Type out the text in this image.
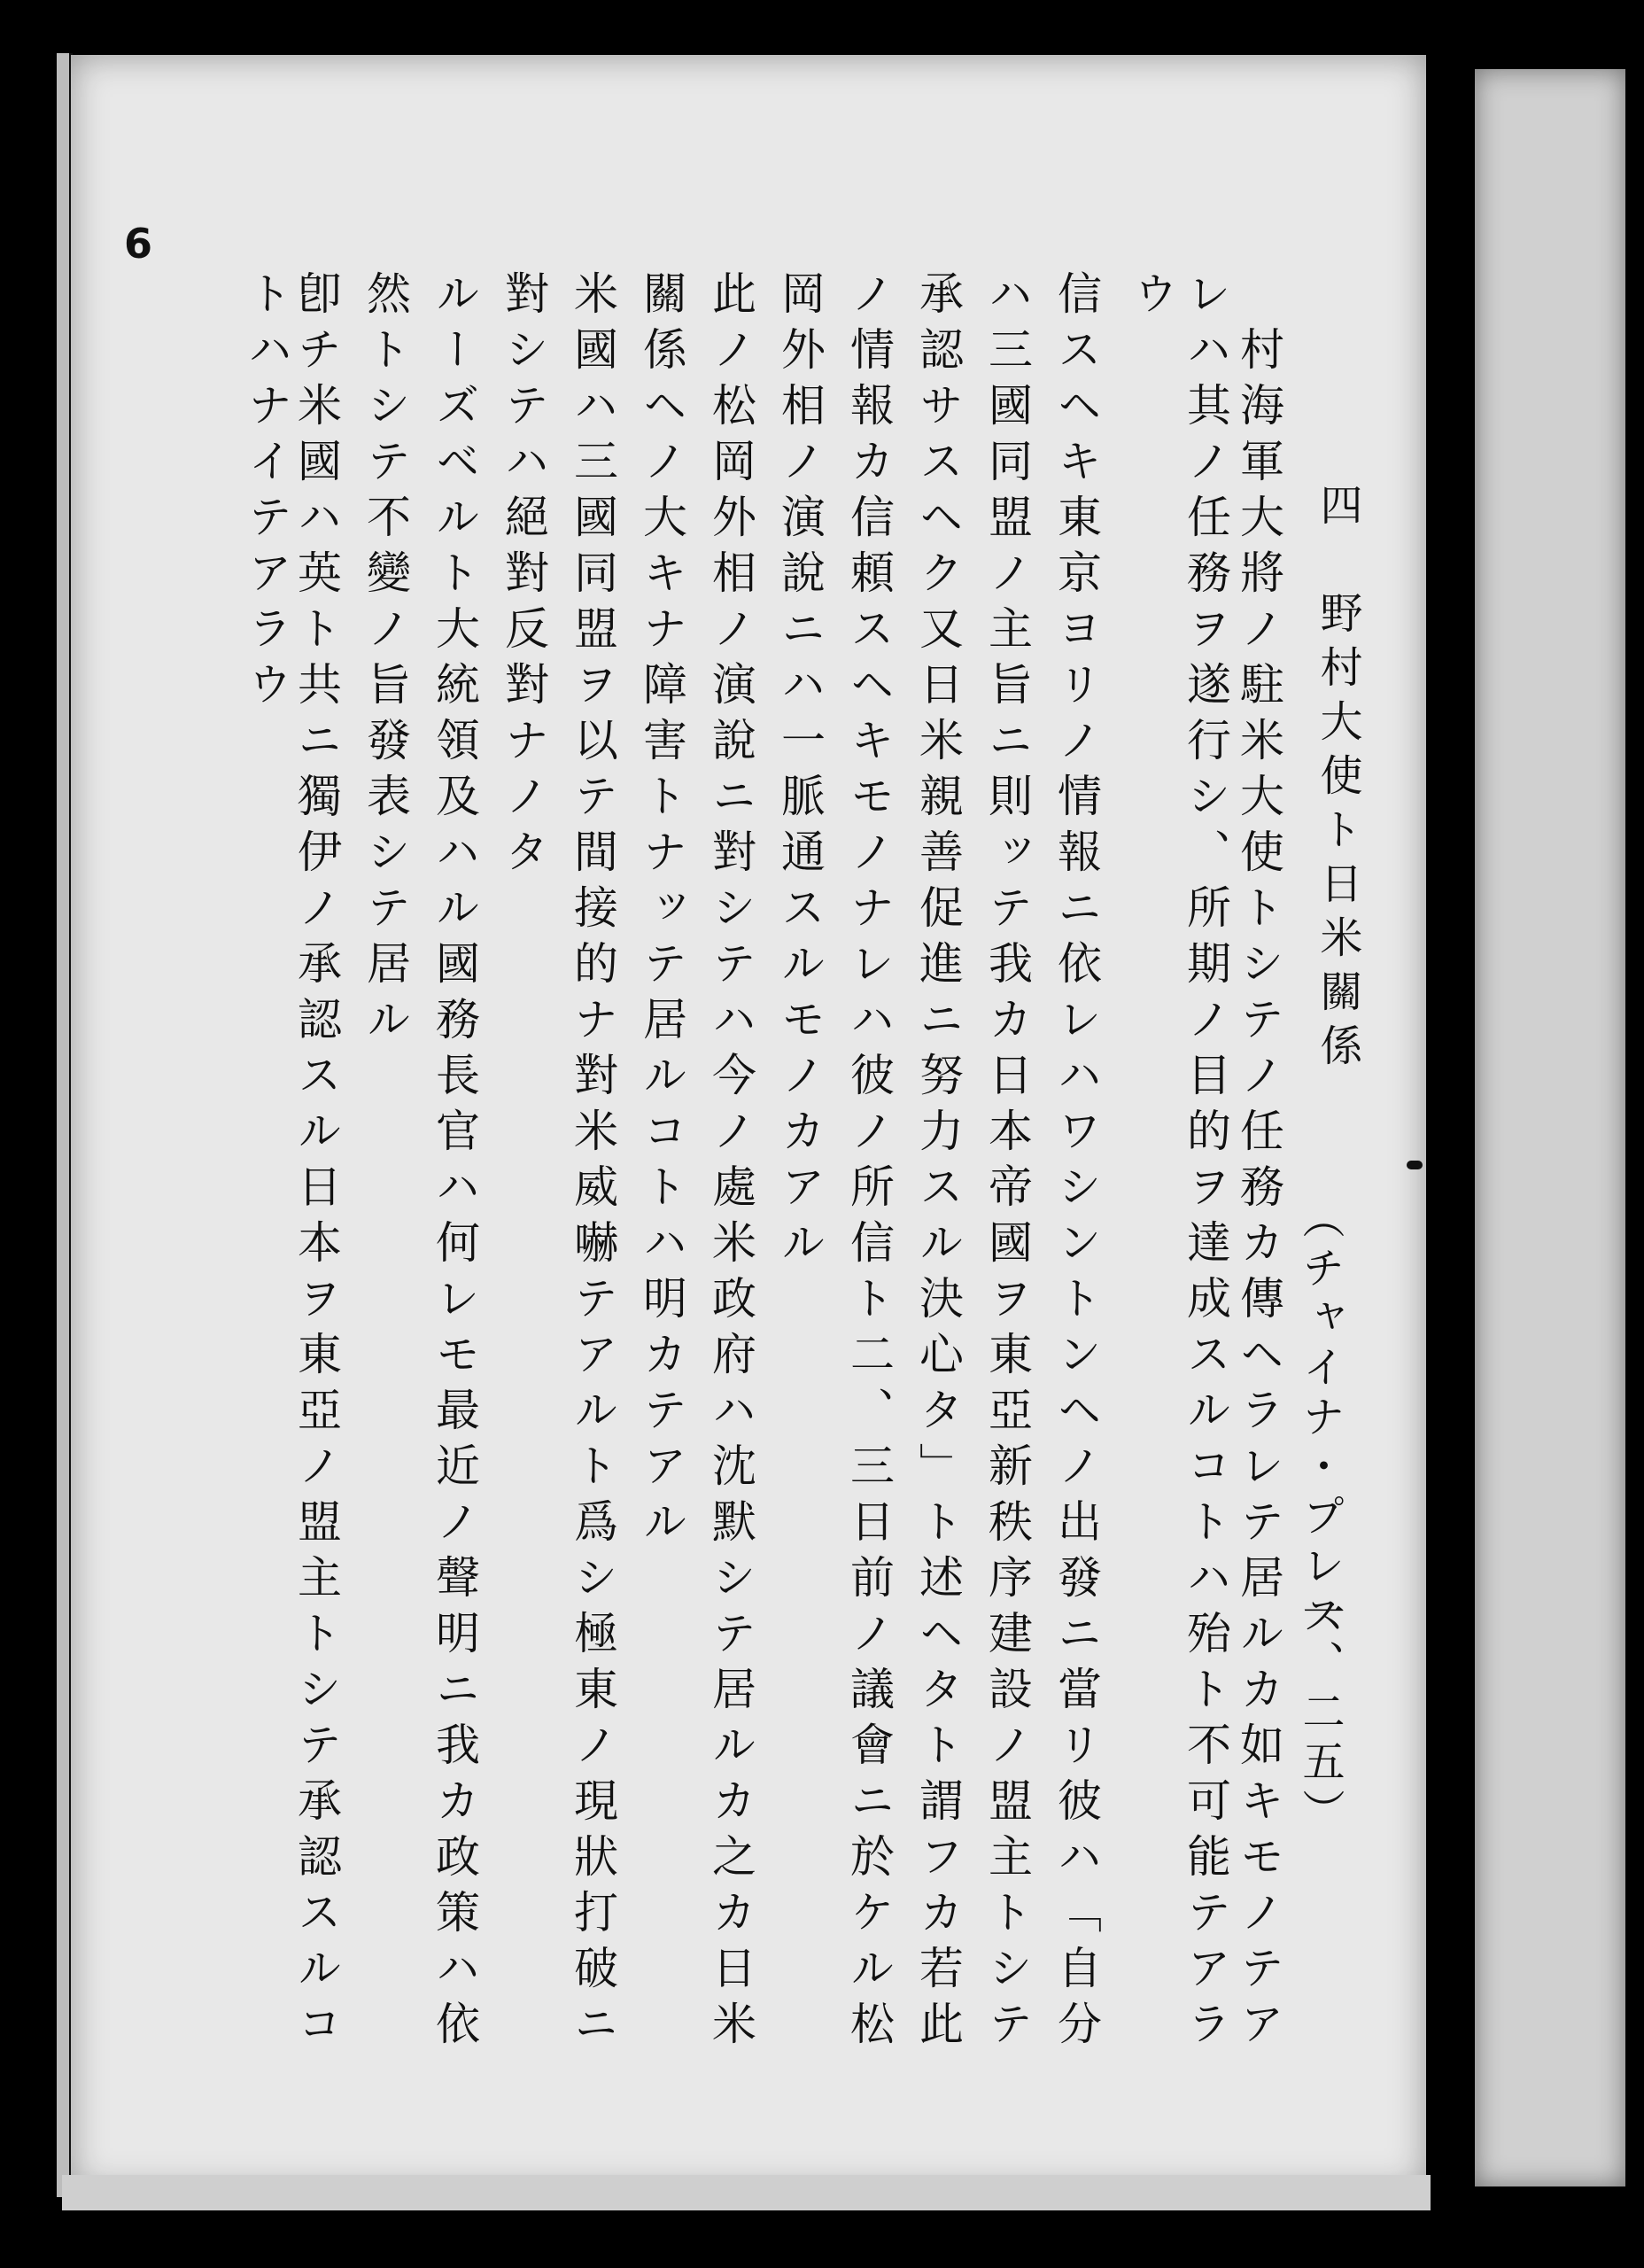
6
四　野村大使ト日米關係
（チャイナ・プレス
一、二五）
村海軍大將ノ駐米大使トシテノ任務カ傳ヘラレテ居ルカ如キモノテア
レハ其ノ任務ヲ遂行シ、所期ノ目的ヲ達成スルコトハ殆ト不可能テアラ
ウ
信スヘキ東京ヨリノ情報ニ依レハワシントンヘノ出發ニ當リ彼ハ「自分
ハ三國同盟ノ主旨ニ則ッテ我カ日本帝國ヲ東亞新秩序建設ノ盟主トシテ
承認サスヘク又日米親善促進ニ努力スル決心タ」ト述ヘタト謂フカ若此
ノ情報カ信頼スヘキモノナレハ彼ノ所信ト二、三日前ノ議會ニ於ケル松
岡外相ノ演說ニハ一脈通スルモノカアル
此ノ松岡外相ノ演說ニ對シテハ今ノ處米政府ハ沈默シテ居ルカ之カ日米
關係ヘノ大キナ障害トナッテ居ルコトハ明カテアル
米國ハ三國同盟ヲ以テ間接的ナ對米威嚇テアルト爲シ極東ノ現狀打破ニ
對シテハ絕對反對ナノタ
ルーズベルト大統領及ハル國務長官ハ何レモ最近ノ聲明ニ我カ政策ハ依
然トシテ不變ノ旨發表シテ居ル
卽チ米國ハ英ト共ニ獨伊ノ承認スル日本ヲ東亞ノ盟主トシテ承認スルコ
トハナイテアラウ
